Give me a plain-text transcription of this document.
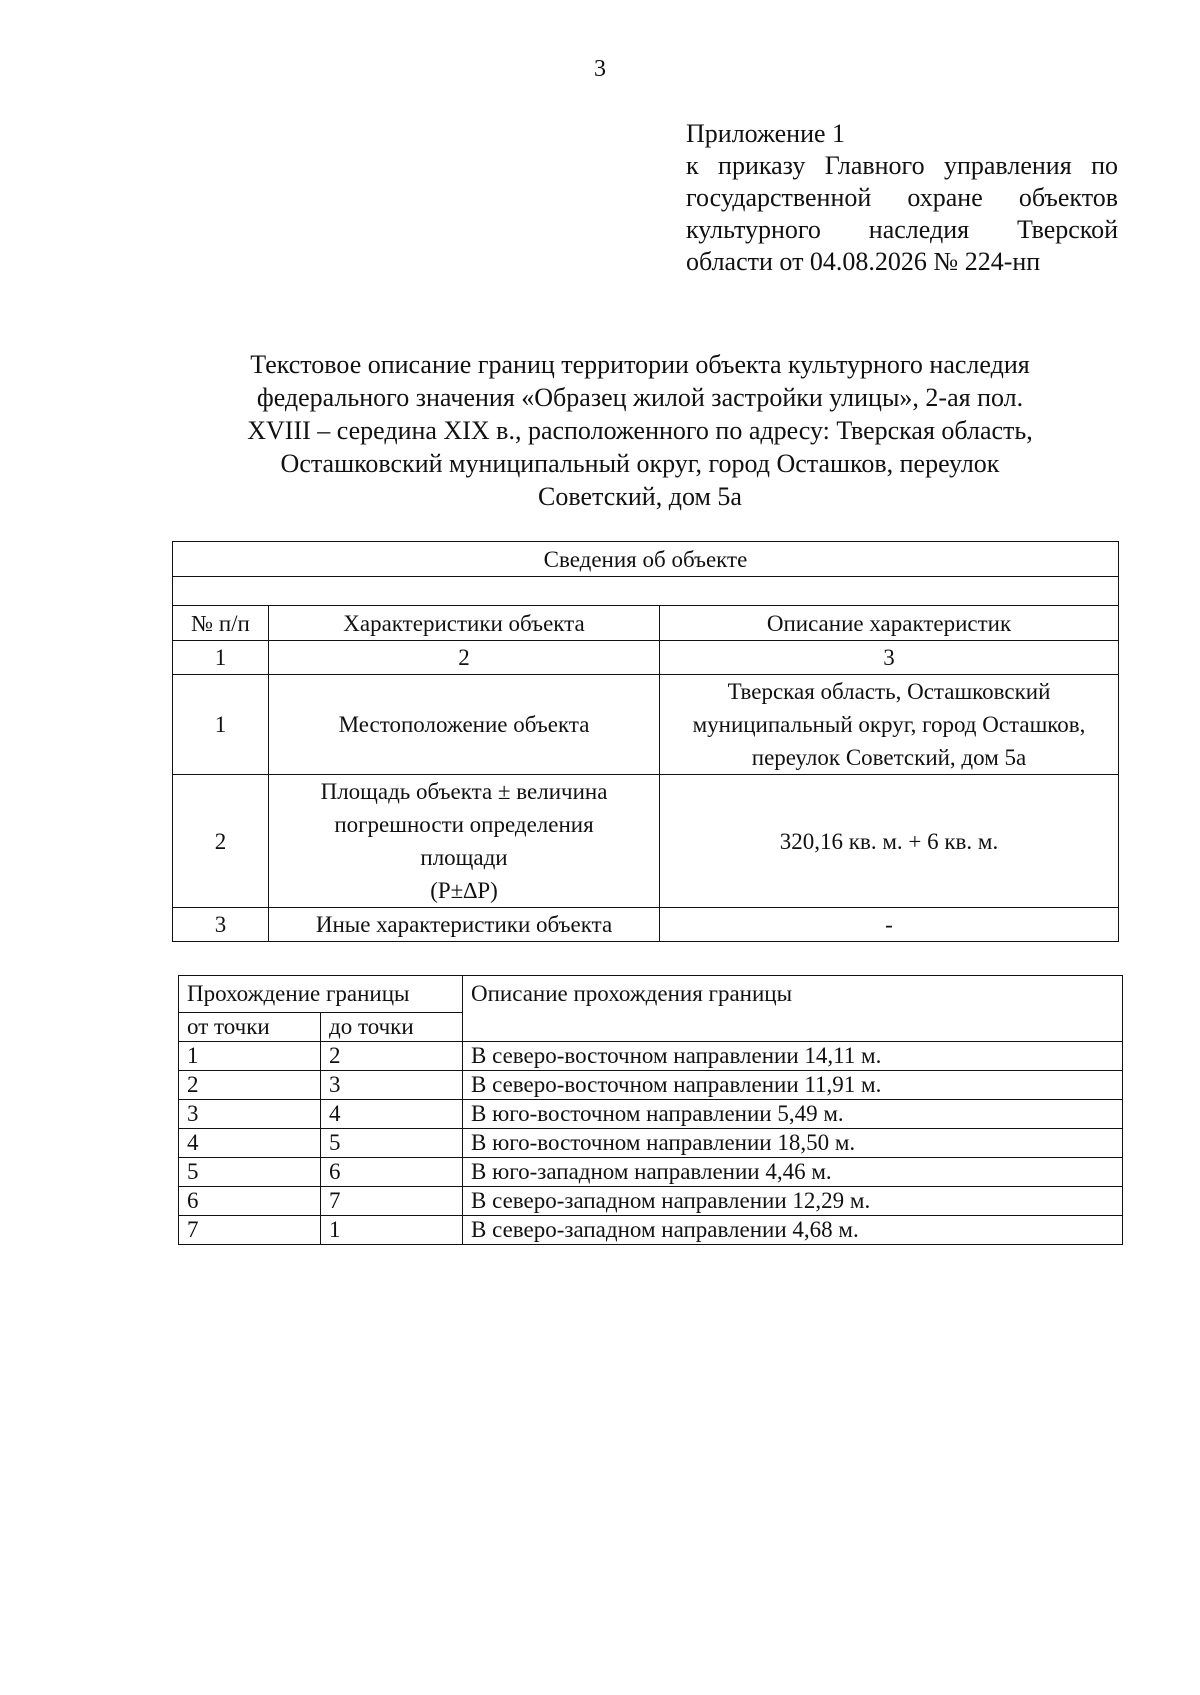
3
Приложение 1
к приказу Главного управления по
государственной охране объектов
культурного наследия Тверской
области от 04.08.2026 № 224-нп
Текстовое описание границ территории объекта культурного наследия
федерального значения «Образец жилой застройки улицы», 2-ая пол.
XVIII – середина XIX в., расположенного по адресу: Тверская область,
Осташковский муниципальный округ, город Осташков, переулок
Советский, дом 5а
Сведения об объекте		

№ п/п	Характеристики объекта	Описание характеристик
1	2	3
1	Местоположение объекта	Тверская область, Осташковский
муниципальный округ, город Осташков,
переулок Советский, дом 5а

2	Площадь объекта ± величина
погрешности определения
площади
(P±∆P)	320,16 кв. м. + 6 кв. м.

3	Иные характеристики объекта	-
Прохождение границы		Описание прохождения границы
от точки	до точки	
1	2	В северо-восточном направлении 14,11 м.
2	3	В северо-восточном направлении 11,91 м.
3	4	В юго-восточном направлении 5,49 м.
4	5	В юго-восточном направлении 18,50 м.
5	6	В юго-западном направлении 4,46 м.
6	7	В северо-западном направлении 12,29 м.
7	1	В северо-западном направлении 4,68 м.
